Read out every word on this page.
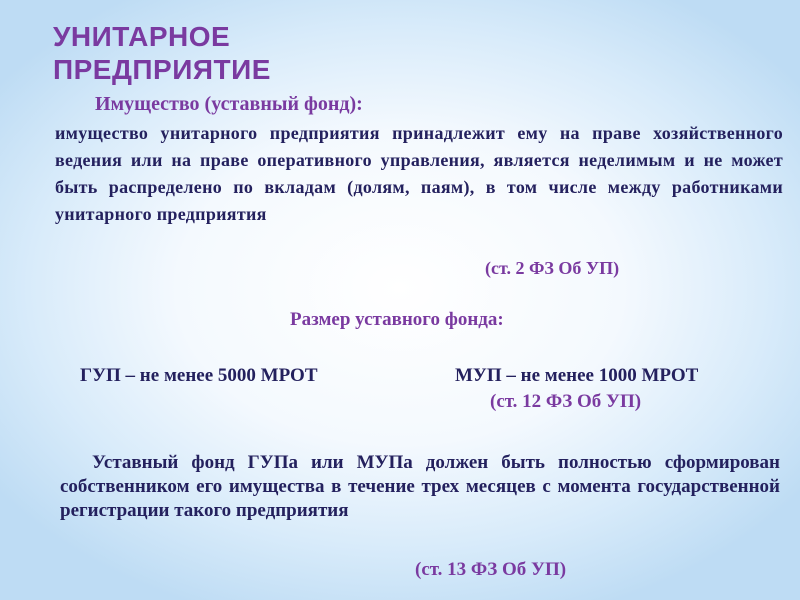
УНИТАРНОЕ
ПРЕДПРИЯТИЕ
Имущество (уставный фонд):

имущество унитарного предприятия принадлежит ему на праве хозяйственного ведения или на праве оперативного управления, является неделимым и не может быть распределено по вкладам (долям, паям), в том числе между работниками унитарного предприятия

(ст. 2 ФЗ Об УП)
Размер уставного фонда:
ГУП – не менее 5000 МРОТ	МУП – не менее 1000 МРОТ
(ст. 12 ФЗ Об УП)

Уставный фонд ГУПа или МУПа должен быть полностью сформирован собственником его имущества в течение трех месяцев с момента государственной регистрации такого предприятия

(ст. 13 ФЗ Об УП)
